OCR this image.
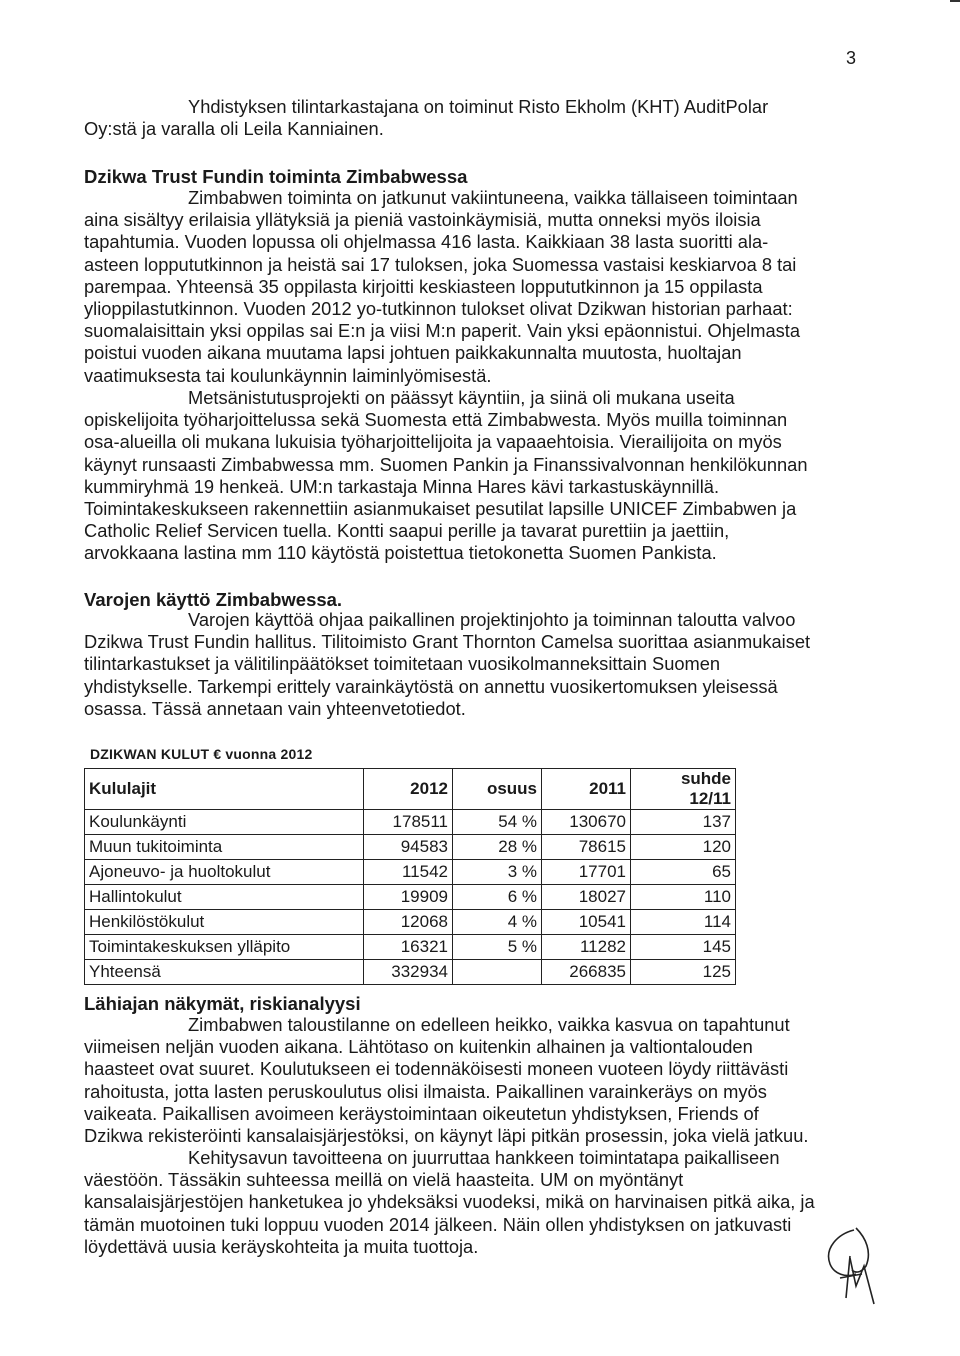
3
Yhdistyksen tilintarkastajana on toiminut Risto Ekholm (KHT) AuditPolar
Oy:stä ja varalla oli Leila Kanniainen.
Dzikwa Trust Fundin toiminta Zimbabwessa
Zimbabwen toiminta on jatkunut vakiintuneena, vaikka tällaiseen toimintaan
aina sisältyy erilaisia yllätyksiä ja pieniä vastoinkäymisiä, mutta onneksi myös iloisia
tapahtumia. Vuoden lopussa oli ohjelmassa 416 lasta. Kaikkiaan 38 lasta suoritti ala-
asteen loppututkinnon ja heistä sai 17 tuloksen, joka Suomessa vastaisi keskiarvoa 8 tai
parempaa. Yhteensä 35 oppilasta kirjoitti keskiasteen loppututkinnon ja 15 oppilasta
ylioppilastutkinnon. Vuoden 2012 yo-tutkinnon tulokset olivat Dzikwan historian parhaat:
suomalaisittain yksi oppilas sai E:n ja viisi M:n paperit. Vain yksi epäonnistui. Ohjelmasta
poistui vuoden aikana muutama lapsi johtuen paikkakunnalta muutosta, huoltajan
vaatimuksesta tai koulunkäynnin laiminlyömisestä.
Metsänistutusprojekti on päässyt käyntiin, ja siinä oli mukana useita
opiskelijoita työharjoittelussa sekä Suomesta että Zimbabwesta. Myös muilla toiminnan
osa-alueilla oli mukana lukuisia työharjoittelijoita ja vapaaehtoisia. Vierailijoita on myös
käynyt runsaasti Zimbabwessa mm. Suomen Pankin ja Finanssivalvonnan henkilökunnan
kummiryhmä 19 henkeä. UM:n tarkastaja Minna Hares kävi tarkastuskäynnillä.
Toimintakeskukseen rakennettiin asianmukaiset pesutilat lapsille UNICEF Zimbabwen ja
Catholic Relief Servicen tuella. Kontti saapui perille ja tavarat purettiin ja jaettiin,
arvokkaana lastina mm 110 käytöstä poistettua tietokonetta Suomen Pankista.
Varojen käyttö Zimbabwessa.
Varojen käyttöä ohjaa paikallinen projektinjohto ja toiminnan taloutta valvoo
Dzikwa Trust Fundin hallitus. Tilitoimisto Grant Thornton Camelsa suorittaa asianmukaiset
tilintarkastukset ja välitilinpäätökset toimitetaan vuosikolmanneksittain Suomen
yhdistykselle. Tarkempi erittely varainkäytöstä on annettu vuosikertomuksen yleisessä
osassa. Tässä annetaan vain yhteenvetotiedot.
DZIKWAN KULUT € vuonna 2012
Kululajit	2012	osuus	2011	suhde 12/11
Koulunkäynti	178511	54 %	130670	137
Muun tukitoiminta	94583	28 %	78615	120
Ajoneuvo- ja huoltokulut	11542	3 %	17701	65
Hallintokulut	19909	6 %	18027	110
Henkilöstökulut	12068	4 %	10541	114
Toimintakeskuksen ylläpito	16321	5 %	11282	145
Yhteensä	332934		266835	125
Lähiajan näkymät, riskianalyysi
Zimbabwen taloustilanne on edelleen heikko, vaikka kasvua on tapahtunut
viimeisen neljän vuoden aikana. Lähtötaso on kuitenkin alhainen ja valtiontalouden
haasteet ovat suuret. Koulutukseen ei todennäköisesti moneen vuoteen löydy riittävästi
rahoitusta, jotta lasten peruskoulutus olisi ilmaista. Paikallinen varainkeräys on myös
vaikeata. Paikallisen avoimeen keräystoimintaan oikeutetun yhdistyksen, Friends of
Dzikwa rekisteröinti kansalaisjärjestöksi, on käynyt läpi pitkän prosessin, joka vielä jatkuu.
Kehitysavun tavoitteena on juurruttaa hankkeen toimintatapa paikalliseen
väestöön. Tässäkin suhteessa meillä on vielä haasteita. UM on myöntänyt
kansalaisjärjestöjen hanketukea jo yhdeksäksi vuodeksi, mikä on harvinaisen pitkä aika, ja
tämän muotoinen tuki loppuu vuoden 2014 jälkeen. Näin ollen yhdistyksen on jatkuvasti
löydettävä uusia keräyskohteita ja muita tuottoja.
